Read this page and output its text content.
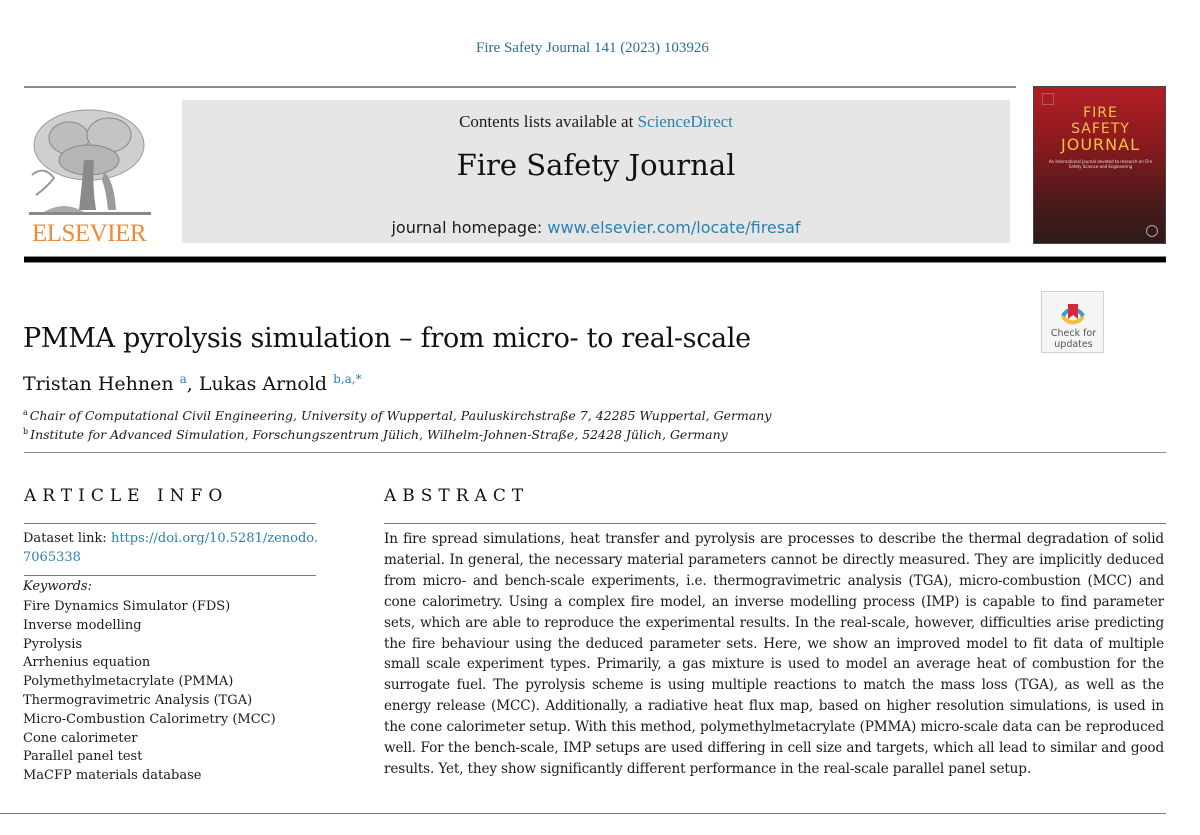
Fire Safety Journal 141 (2023) 103926
ELSEVIER
Contents lists available at ScienceDirect
Fire Safety Journal
journal homepage: www.elsevier.com/locate/firesaf
FIRE
SAFETY
JOURNAL
An International Journal devoted to research on Fire Safety Science and Engineering
Check for
updates
PMMA pyrolysis simulation – from micro- to real-scale
Tristan Hehnen $^a$, Lukas Arnold $^{b,a,*}$
$^a$ Chair of Computational Civil Engineering, University of Wuppertal, Pauluskirchstraße 7, 42285 Wuppertal, Germany
$^b$ Institute for Advanced Simulation, Forschungszentrum Jülich, Wilhelm-Johnen-Straße, 52428 Jülich, Germany
ARTICLE INFO
Dataset link: https://doi.org/10.5281/zenodo.7065338
Keywords:
Fire Dynamics Simulator (FDS)
Inverse modelling
Pyrolysis
Arrhenius equation
Polymethylmetacrylate (PMMA)
Thermogravimetric Analysis (TGA)
Micro-Combustion Calorimetry (MCC)
Cone calorimeter
Parallel panel test
MaCFP materials database
ABSTRACT

In fire spread simulations, heat transfer and pyrolysis are processes to describe the thermal degradation of solid material. In general, the necessary material parameters cannot be directly measured. They are implicitly deduced from micro- and bench-scale experiments, i.e. thermogravimetric analysis (TGA), micro-combustion (MCC) and cone calorimetry. Using a complex fire model, an inverse modelling process (IMP) is capable to find parameter sets, which are able to reproduce the experimental results. In the real-scale, however, difficulties arise predicting the fire behaviour using the deduced parameter sets. Here, we show an improved model to fit data of multiple small scale experiment types. Primarily, a gas mixture is used to model an average heat of combustion for the surrogate fuel. The pyrolysis scheme is using multiple reactions to match the mass loss (TGA), as well as the energy release (MCC). Additionally, a radiative heat flux map, based on higher resolution simulations, is used in the cone calorimeter setup. With this method, polymethylmetacrylate (PMMA) micro-scale data can be reproduced well. For the bench-scale, IMP setups are used differing in cell size and targets, which all lead to similar and good results. Yet, they show significantly different performance in the real-scale parallel panel setup.
